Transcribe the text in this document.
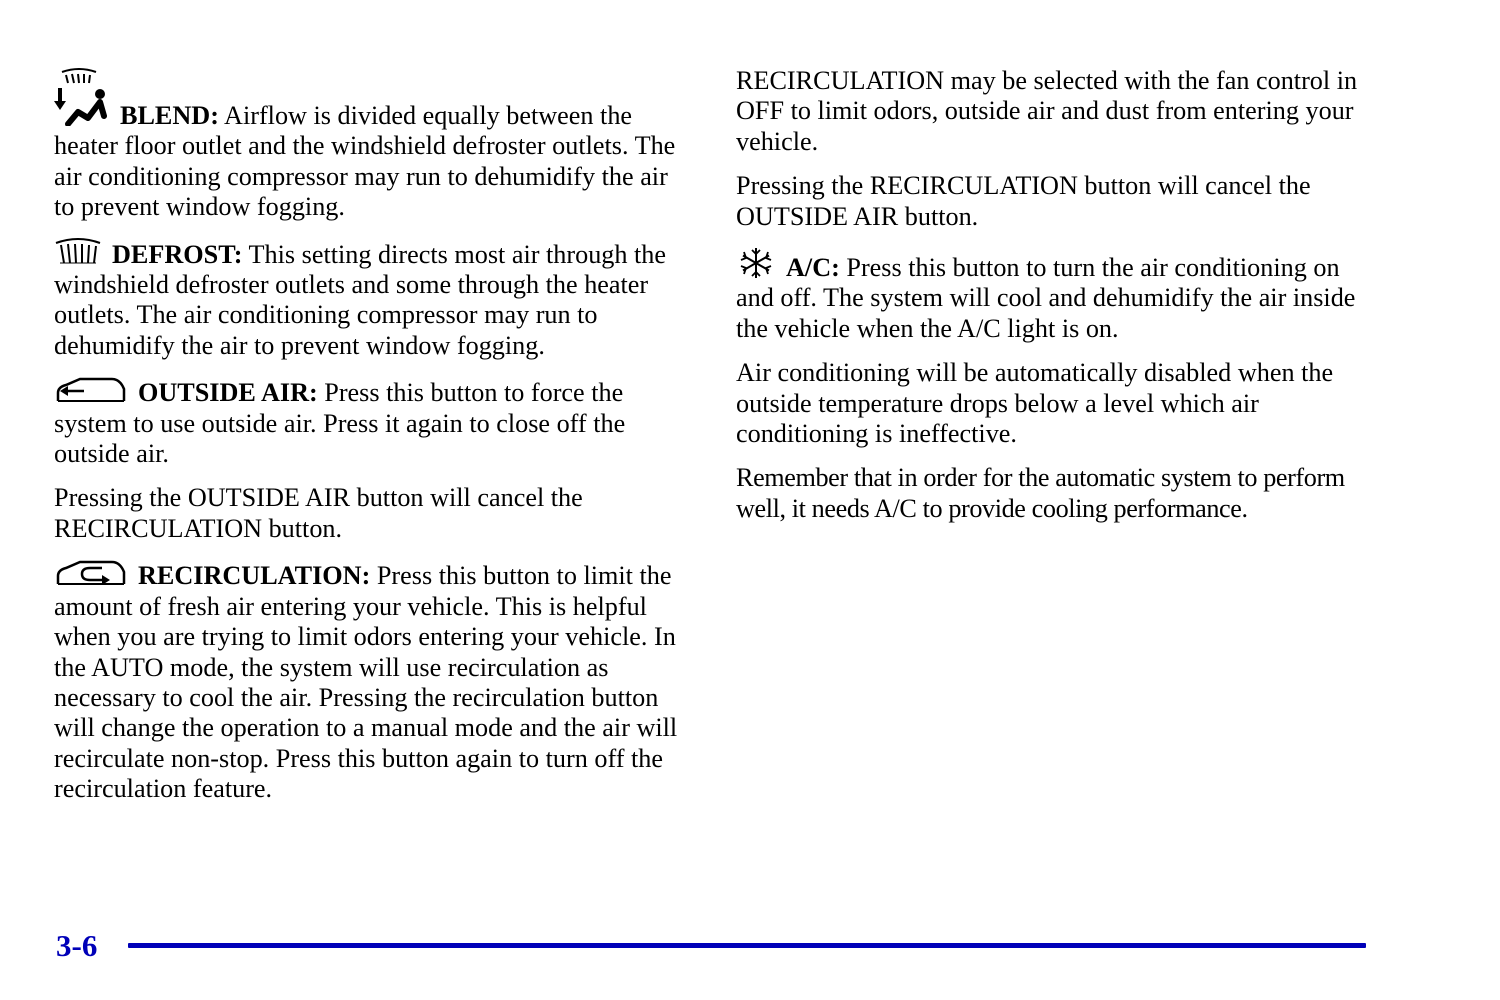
BLEND: Airflow is divided equally between the heater floor outlet and the windshield defroster outlets. The air conditioning compressor may run to dehumidify the air to prevent window fogging.

DEFROST: This setting directs most air through the windshield defroster outlets and some through the heater outlets. The air conditioning compressor may run to dehumidify the air to prevent window fogging.

OUTSIDE AIR: Press this button to force the system to use outside air. Press it again to close off the outside air.

Pressing the OUTSIDE AIR button will cancel the RECIRCULATION button.

RECIRCULATION: Press this button to limit the amount of fresh air entering your vehicle. This is helpful when you are trying to limit odors entering your vehicle. In the AUTO mode, the system will use recirculation as necessary to cool the air. Pressing the recirculation button will change the operation to a manual mode and the air will recirculate non-stop. Press this button again to turn off the recirculation feature.

RECIRCULATION may be selected with the fan control in OFF to limit odors, outside air and dust from entering your vehicle.

Pressing the RECIRCULATION button will cancel the OUTSIDE AIR button.

A/C: Press this button to turn the air conditioning on and off. The system will cool and dehumidify the air inside the vehicle when the A/C light is on.

Air conditioning will be automatically disabled when the outside temperature drops below a level which air conditioning is ineffective.

Remember that in order for the automatic system to perform well, it needs A/C to provide cooling performance.

3-6
